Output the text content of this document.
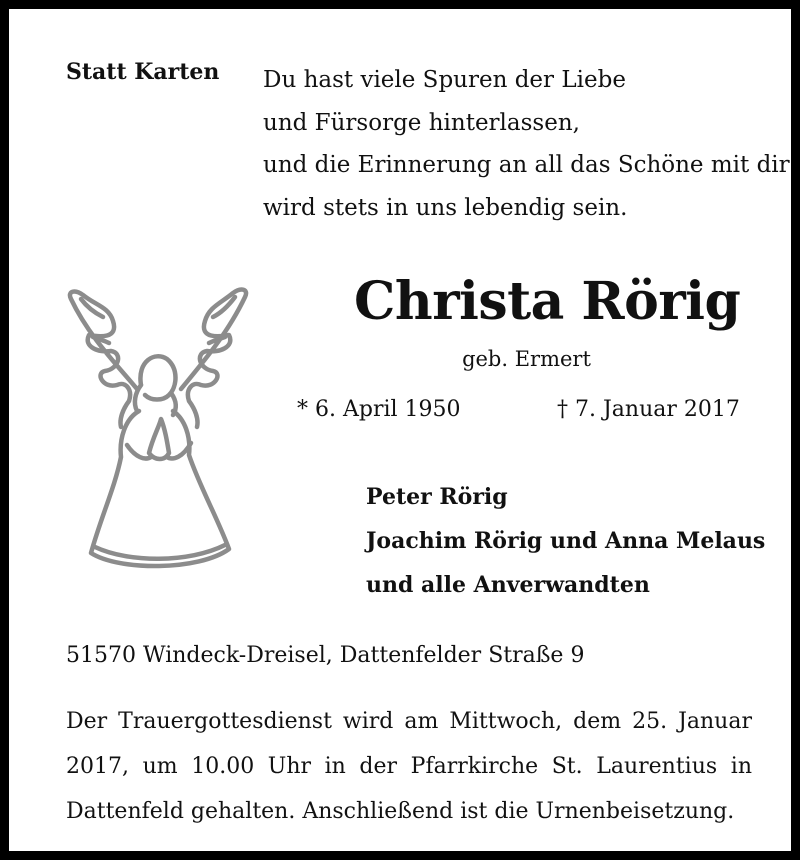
Statt Karten Du hast viele Spuren der Liebe
und Fürsorge hinterlassen,
und die Erinnerung an all das Schöne mit dir
wird stets in uns lebendig sein.
Christa Rörig
geb. Ermert
* 6. April 1950	† 7. Januar 2017
Peter Rörig
Joachim Rörig und Anna Melaus
und alle Anverwandten
51570 Windeck-Dreisel, Dattenfelder Straße 9
Der Trauergottesdienst wird am Mittwoch, dem 25. Januar 2017, um 10.00 Uhr in der Pfarrkirche St. Laurentius in Dattenfeld gehalten. Anschließend ist die Urnenbeisetzung.
